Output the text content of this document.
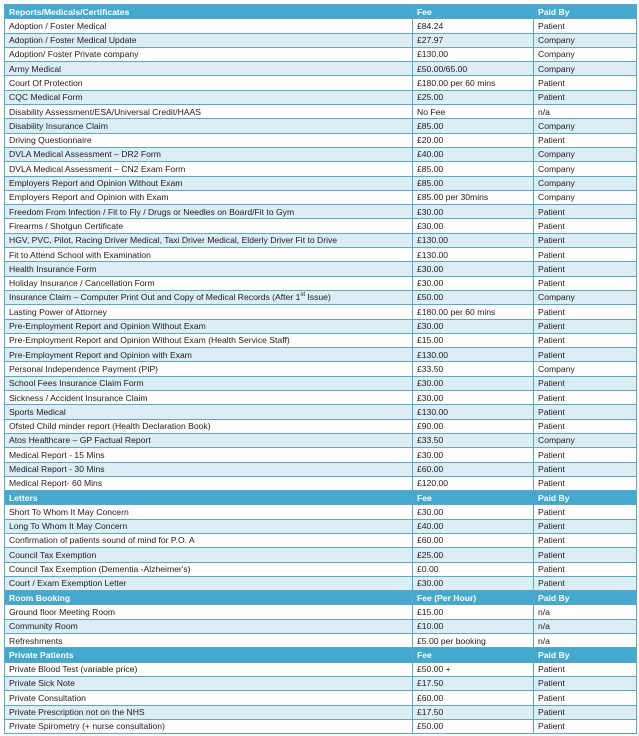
Reports/Medicals/Certificates	Fee	Paid By
Adoption / Foster Medical	£84.24	Patient
Adoption / Foster Medical Update	£27.97	Company
Adoption/ Foster Private company	£130.00	Company
Army Medical	£50.00/65.00	Company
Court Of Protection	£180.00 per 60 mins	Patient
CQC Medical Form	£25.00	Patient
Disability Assessment/ESA/Universal Credit/HAAS	No Fee	n/a
Disability Insurance Claim	£85.00	Company
Driving Questionnaire	£20.00	Patient
DVLA Medical Assessment – DR2 Form	£40.00	Company
DVLA Medical Assessment – CN2 Exam Form	£85.00	Company
Employers Report and Opinion Without Exam	£85.00	Company
Employers Report and Opinion with Exam	£85.00 per 30mins	Company
Freedom From Infection / Fit to Fly / Drugs or Needles on Board/Fit to Gym	£30.00	Patient
Firearms / Shotgun Certificate	£30.00	Patient
HGV, PVC, Pilot, Racing Driver Medical, Taxi Driver Medical, Elderly Driver Fit to Drive	£130.00	Patient
Fit to Attend School with Examination	£130.00	Patient
Health Insurance Form	£30.00	Patient
Holiday Insurance / Cancellation Form	£30.00	Patient
Insurance Claim – Computer Print Out and Copy of Medical Records (After 1st Issue)	£50.00	Company
Lasting Power of Attorney	£180.00 per 60 mins	Patient
Pre-Employment Report and Opinion Without Exam	£30.00	Patient
Pre-Employment Report and Opinion Without Exam (Health Service Staff)	£15.00	Patient
Pre-Employment Report and Opinion with Exam	£130.00	Patient
Personal Independence Payment (PIP)	£33.50	Company
School Fees Insurance Claim Form	£30.00	Patient
Sickness / Accident Insurance Claim	£30.00	Patient
Sports Medical	£130.00	Patient
Ofsted Child minder report (Health Declaration Book)	£90.00	Patient
Atos Healthcare – GP Factual Report	£33.50	Company
Medical Report - 15 Mins	£30.00	Patient
Medical Report - 30 Mins	£60.00	Patient
Medical Report- 60 Mins	£120.00	Patient
Letters	Fee	Paid By
Short To Whom It May Concern	£30.00	Patient
Long To Whom It May Concern	£40.00	Patient
Confirmation of patients sound of mind for P.O. A	£60.00	Patient
Council Tax Exemption	£25.00	Patient
Council Tax Exemption (Dementia -Alzheimer's)	£0.00	Patient
Court / Exam Exemption Letter	£30.00	Patient
Room Booking	Fee (Per Hour)	Paid By
Ground floor Meeting Room	£15.00	n/a
Community Room	£10.00	n/a
Refreshments	£5.00 per booking	n/a
Private Patients	Fee	Paid By
Private Blood Test (variable price)	£50.00 +	Patient
Private Sick Note	£17.50	Patient
Private Consultation	£60.00	Patient
Private Prescription not on the NHS	£17.50	Patient
Private Spirometry (+ nurse consultation)	£50.00	Patient
